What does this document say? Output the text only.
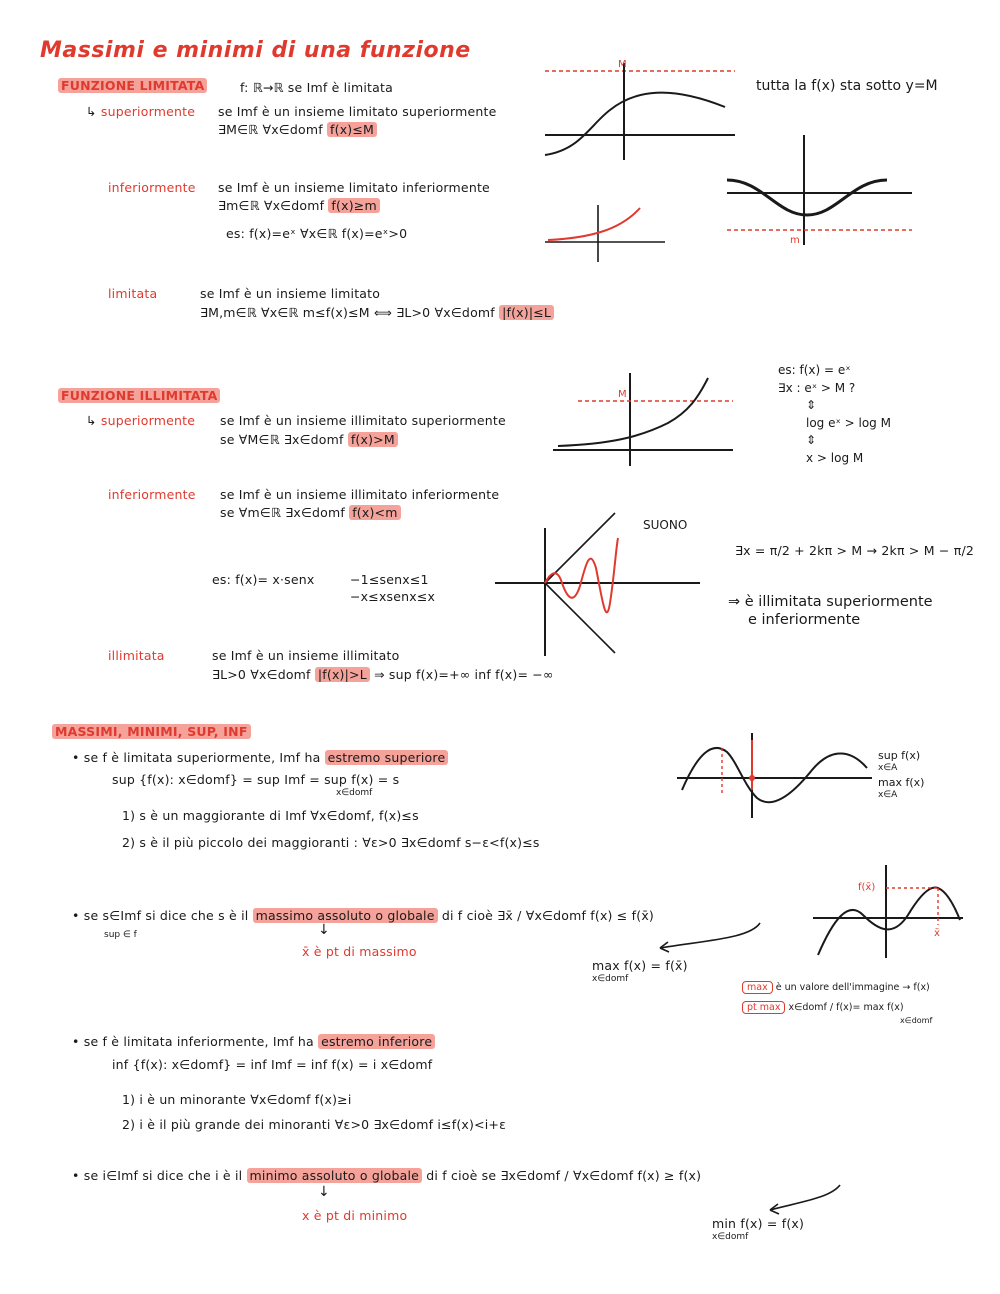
Massimi e minimi di una funzione
FUNZIONE LIMITATA	f: ℝ→ℝ se Imf è limitata	tutta la f(x) sta sotto y=M
↳ superiormente se Imf è un insieme limitato superiormente
∃M∈ℝ ∀x∈domf f(x)≤M
inferiormente se Imf è un insieme limitato inferiormente
∃m∈ℝ ∀x∈domf f(x)≥m
es: f(x)=eˣ ∀x∈ℝ f(x)=eˣ>0
limitata	se Imf è un insieme limitato
∃M,m∈ℝ ∀x∈ℝ m≤f(x)≤M ⟺ ∃L>0 ∀x∈domf |f(x)|≤L
M
m
FUNZIONE ILLIMITATA
↳ superiormente se Imf è un insieme illimitato superiormente
se ∀M∈ℝ ∃x∈domf f(x)>M
es: f(x) = eˣ
∃x : eˣ > M ?
⇕
log eˣ > log M
⇕
x > log M
inferiormente se Imf è un insieme illimitato inferiormente
se ∀m∈ℝ ∃x∈domf f(x)<m
es: f(x)= x·senx	−1≤senx≤1
−x≤xsenx≤x
SUONO
∃x = π/2 + 2kπ > M → 2kπ > M − π/2
⇒ è illimitata superiormente
e inferiormente
illimitata	se Imf è un insieme illimitato
∃L>0 ∀x∈domf |f(x)|>L ⇒ sup f(x)=+∞ inf f(x)= −∞
M
MASSIMI, MINIMI, SUP, INF
• se f è limitata superiormente, Imf ha estremo superiore
sup {f(x): x∈domf} = sup Imf = sup f(x) = s
x∈domf
1) s è un maggiorante di Imf ∀x∈domf, f(x)≤s
2) s è il più piccolo dei maggioranti : ∀ε>0 ∃x∈domf s−ε<f(x)≤s
sup f(x)
x∈A
max f(x)
x∈A
• se s∈Imf si dice che s è il massimo assoluto o globale di f cioè ∃x̄ / ∀x∈domf f(x) ≤ f(x̄)
sup ∈ f	↓
x̄ è pt di massimo
max f(x) = f(x̄)
x∈domf
f(x̄)
x̄
max è un valore dell'immagine → f(x)
pt max x∈domf / f(x)= max f(x)
x∈domf
• se f è limitata inferiormente, Imf ha estremo inferiore
inf {f(x): x∈domf} = inf Imf = inf f(x) = i x∈domf
1) i è un minorante ∀x∈domf f(x)≥i
2) i è il più grande dei minoranti ∀ε>0 ∃x∈domf i≤f(x)<i+ε
• se i∈Imf si dice che i è il minimo assoluto o globale di f cioè se ∃x∈domf / ∀x∈domf f(x) ≥ f(x)
↓
x è pt di minimo
min f(x) = f(x)
x∈domf
